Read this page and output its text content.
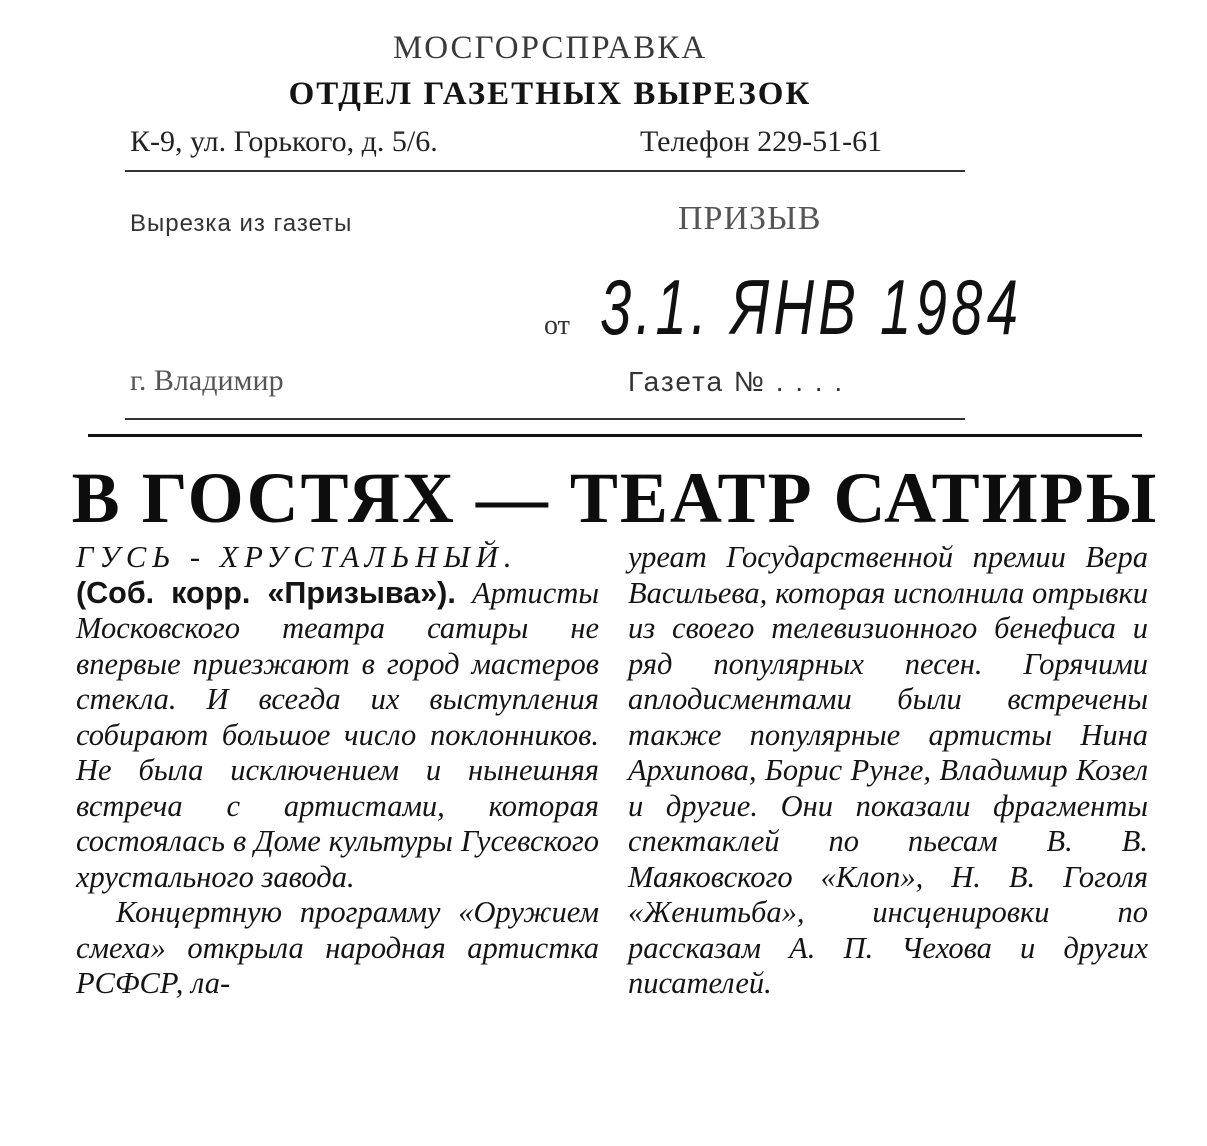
МОСГОРСПРАВКА
ОТДЕЛ ГАЗЕТНЫХ ВЫРЕЗОК
К-9, ул. Горького, д. 5/6.	Телефон 229-51-61
Вырезка из газеты	ПРИЗЫВ
от 3.1. ЯНВ 1984
г. Владимир	Газета № . . . .
В ГОСТЯХ — ТЕАТР САТИРЫ

ГУСЬ - ХРУСТАЛЬНЫЙ.
(Соб. корр. «Призыва»). Артисты Московского театра сатиры не впервые приезжают в город мастеров стекла. И всегда их выступления собирают большое число поклонников. Не была исключением и нынешняя встреча с артистами, которая состоялась в Доме культуры Гусевского хрустального завода.

Концертную программу «Оружием смеха» открыла народная артистка РСФСР, ла-

уреат Государственной премии Вера Васильева, которая исполнила отрывки из своего телевизионного бенефиса и ряд популярных песен. Горячими аплодисментами были встречены также популярные артисты Нина Архипова, Борис Рунге, Владимир Козел и другие. Они показали фрагменты спектаклей по пьесам В. В. Маяковского «Клоп», Н. В. Гоголя «Женитьба», инсценировки по рассказам А. П. Чехова и других писателей.
